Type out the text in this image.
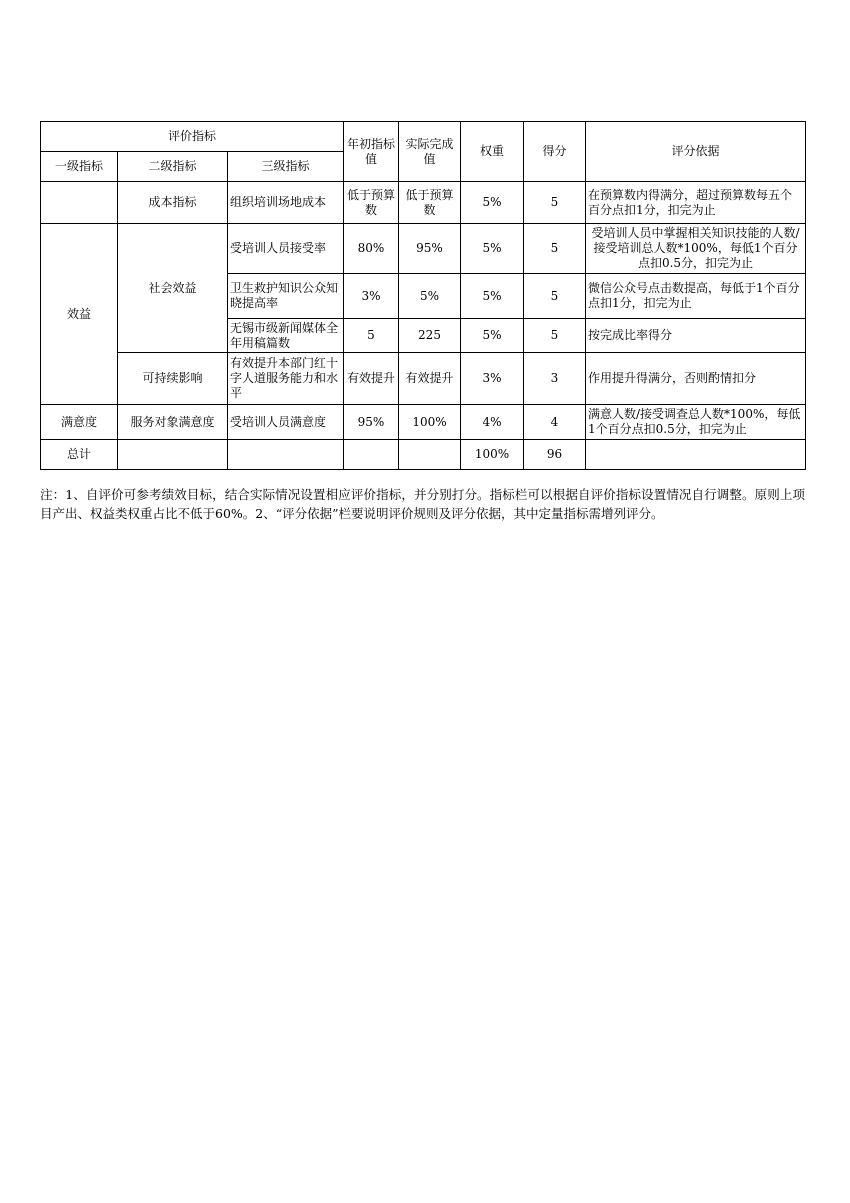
评价指标			年初指标值	实际完成值	权重	得分	评分依据
一级指标	二级指标	三级指标					
	成本指标	组织培训场地成本	低于预算数	低于预算数	5%	5	在预算数内得满分，超过预算数每五个百分点扣1分，扣完为止
效益	社会效益	受培训人员接受率	80%	95%	5%	5	受培训人员中掌握相关知识技能的人数/接受培训总人数*100%，每低1个百分点扣0.5分，扣完为止
		卫生救护知识公众知晓提高率	3%	5%	5%	5	微信公众号点击数提高，每低于1个百分点扣1分，扣完为止
		无锡市级新闻媒体全年用稿篇数	5	225	5%	5	按完成比率得分
	可持续影响	有效提升本部门红十字人道服务能力和水平	有效提升	有效提升	3%	3	作用提升得满分，否则酌情扣分
满意度	服务对象满意度	受培训人员满意度	95%	100%	4%	4	满意人数/接受调查总人数*100%，每低1个百分点扣0.5分，扣完为止
总计					100%	96	
注：1、自评价可参考绩效目标，结合实际情况设置相应评价指标，并分别打分。指标栏可以根据自评价指标设置情况自行调整。原则上项目产出、权益类权重占比不低于60%。2、“评分依据”栏要说明评价规则及评分依据，其中定量指标需增列评分。
